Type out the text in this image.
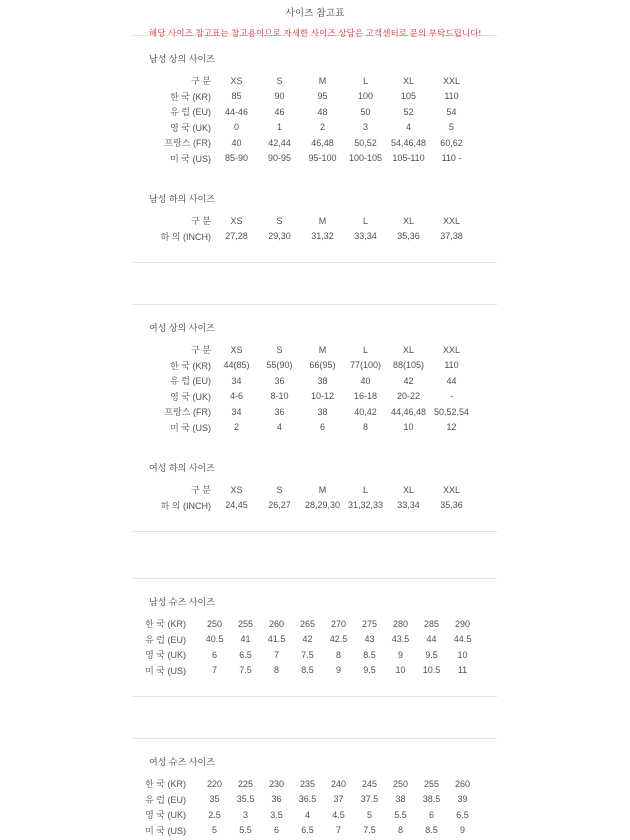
사이즈 참고표
해당 사이즈 참고표는 참고용이므로 자세한 사이즈 상담은 고객센터로 문의 부탁드립니다!
남성 상의 사이즈
구 분	XS	S	M	L	XL	XXL
한 국 (KR)	85	90	95	100	105	110
유 럽 (EU)	44-46	46	48	50	52	54
영 국 (UK)	0	1	2	3	4	5
프랑스 (FR)	40	42,44	46,48	50,52	54,46,48	60,62
미 국 (US)	85-90	90-95	95-100	100-105	105-110	110 -
남성 하의 사이즈
구 분	XS	S	M	L	XL	XXL
하 의 (INCH)	27,28	29,30	31,32	33,34	35,36	37,38
여성 상의 사이즈
구 분	XS	S	M	L	XL	XXL
한 국 (KR)	44(85)	55(90)	66(95)	77(100)	88(105)	110
유 럽 (EU)	34	36	38	40	42	44
영 국 (UK)	4-6	8-10	10-12	16-18	20-22	-
프랑스 (FR)	34	36	38	40,42	44,46,48	50,52,54
미 국 (US)	2	4	6	8	10	12
여성 하의 사이즈
구 분	XS	S	M	L	XL	XXL
하 의 (INCH)	24,45	26,27	28,29,30	31,32,33	33,34	35,36
남성 슈즈 사이즈
한 국 (KR)	250	255	260	265	270	275	280	285	290
유 럽 (EU)	40.5	41	41.5	42	42.5	43	43.5	44	44.5
영 국 (UK)	6	6.5	7	7.5	8	8.5	9	9.5	10
미 국 (US)	7	7.5	8	8.5	9	9.5	10	10.5	11
여성 슈즈 사이즈
한 국 (KR)	220	225	230	235	240	245	250	255	260
유 럽 (EU)	35	35.5	36	36.5	37	37.5	38	38.5	39
영 국 (UK)	2.5	3	3.5	4	4.5	5	5.5	6	6.5
미 국 (US)	5	5.5	6	6.5	7	7.5	8	8.5	9
